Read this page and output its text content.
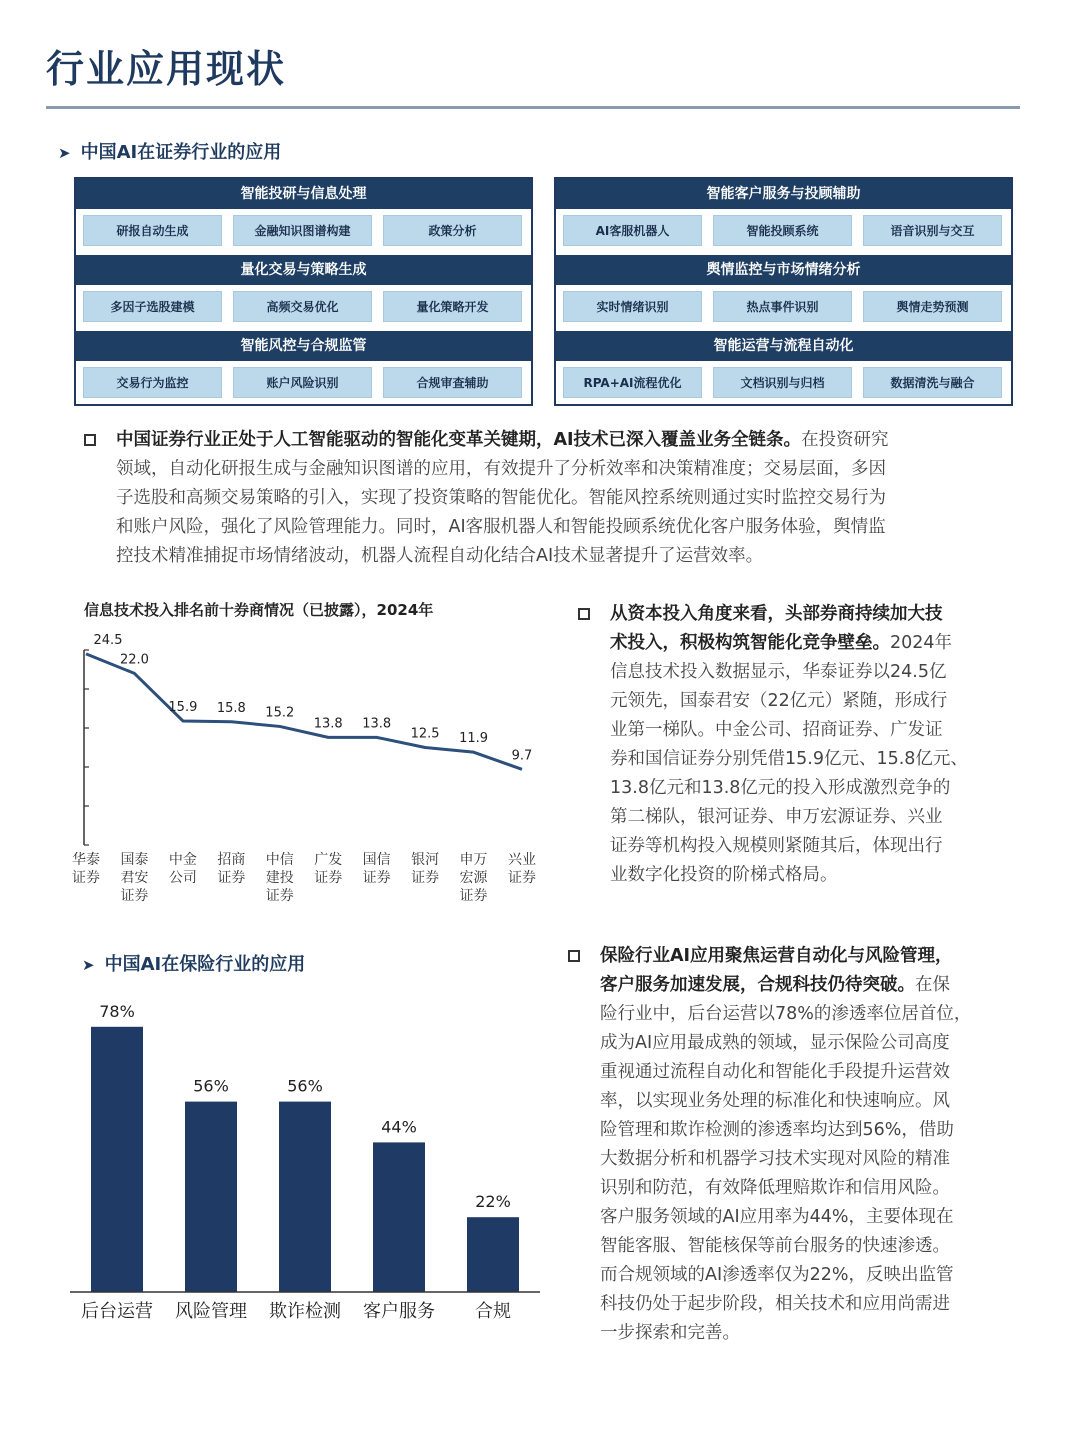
行业应用现状
➤ 中国AI在证券行业的应用
智能投研与信息处理
研报自动生成	金融知识图谱构建	政策分析
量化交易与策略生成
多因子选股建模	高频交易优化	量化策略开发
智能风控与合规监管
交易行为监控	账户风险识别	合规审查辅助
智能客户服务与投顾辅助
AI客服机器人	智能投顾系统	语音识别与交互
舆情监控与市场情绪分析
实时情绪识别	热点事件识别	舆情走势预测
智能运营与流程自动化
RPA+AI流程优化	文档识别与归档	数据清洗与融合
中国证券行业正处于人工智能驱动的智能化变革关键期，AI技术已深入覆盖业务全链条。在投资研究
领域，自动化研报生成与金融知识图谱的应用，有效提升了分析效率和决策精准度；交易层面，多因
子选股和高频交易策略的引入，实现了投资策略的智能优化。智能风控系统则通过实时监控交易行为
和账户风险，强化了风险管理能力。同时，AI客服机器人和智能投顾系统优化客户服务体验，舆情监
控技术精准捕捉市场情绪波动，机器人流程自动化结合AI技术显著提升了运营效率。
信息技术投入排名前十券商情况（已披露），2024年
24.5
22.0
15.9 15.8 15.2
13.8 13.8
12.5 11.9
9.7
华泰
证券
国泰
君安
证券
中金
公司
招商
证券
中信
建投
证券
广发
证券
国信
证券
银河
证券
申万
宏源
证券
兴业
证券
从资本投入角度来看，头部券商持续加大技
术投入，积极构筑智能化竞争壁垒。2024年
信息技术投入数据显示，华泰证券以24.5亿
元领先，国泰君安（22亿元）紧随，形成行
业第一梯队。中金公司、招商证券、广发证
券和国信证券分别凭借15.9亿元、15.8亿元、
13.8亿元和13.8亿元的投入形成激烈竞争的
第二梯队，银河证券、申万宏源证券、兴业
证券等机构投入规模则紧随其后，体现出行
业数字化投资的阶梯式格局。
➤ 中国AI在保险行业的应用
78%
后台运营
56%
风险管理
56%
欺诈检测
44%
客户服务
22%
合规
保险行业AI应用聚焦运营自动化与风险管理，
客户服务加速发展，合规科技仍待突破。在保
险行业中，后台运营以78%的渗透率位居首位，
成为AI应用最成熟的领域，显示保险公司高度
重视通过流程自动化和智能化手段提升运营效
率，以实现业务处理的标准化和快速响应。风
险管理和欺诈检测的渗透率均达到56%，借助
大数据分析和机器学习技术实现对风险的精准
识别和防范，有效降低理赔欺诈和信用风险。
客户服务领域的AI应用率为44%，主要体现在
智能客服、智能核保等前台服务的快速渗透。
而合规领域的AI渗透率仅为22%，反映出监管
科技仍处于起步阶段，相关技术和应用尚需进
一步探索和完善。
